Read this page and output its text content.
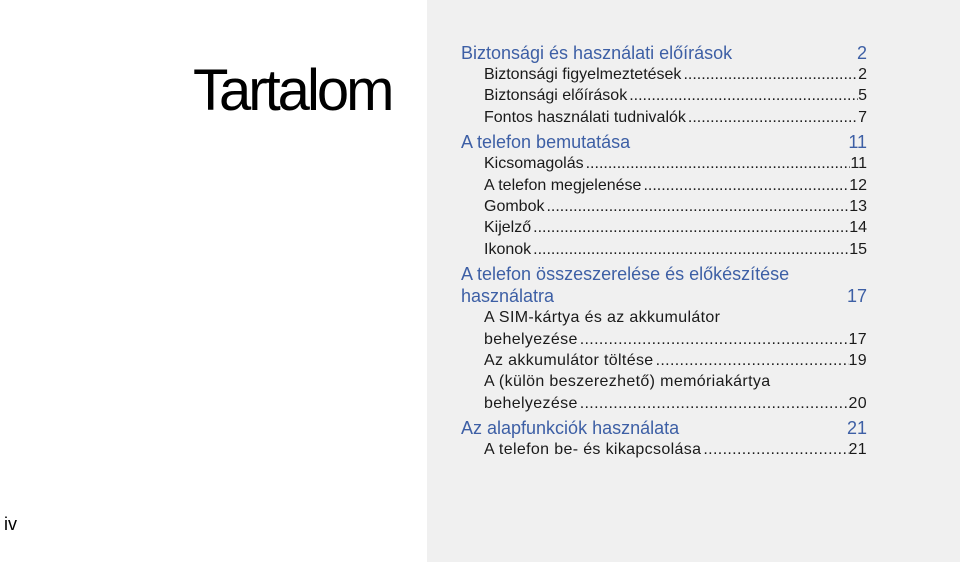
Tartalom
iv
Biztonsági és használati előírások	2
Biztonsági figyelmeztetések .....	2
Biztonsági előírások .....	5
Fontos használati tudnivalók .....	7
A telefon bemutatása	11
Kicsomagolás .....	11
A telefon megjelenése .....	12
Gombok .....	13
Kijelző .....	14
Ikonok .....	15
A telefon összeszerelése és előkészítése
használatra	17
A SIM-kártya és az akkumulátor
behelyezése .....	17
Az akkumulátor töltése .....	19
A (külön beszerezhető) memóriakártya
behelyezése .....	20
Az alapfunkciók használata	21
A telefon be- és kikapcsolása .....	21
